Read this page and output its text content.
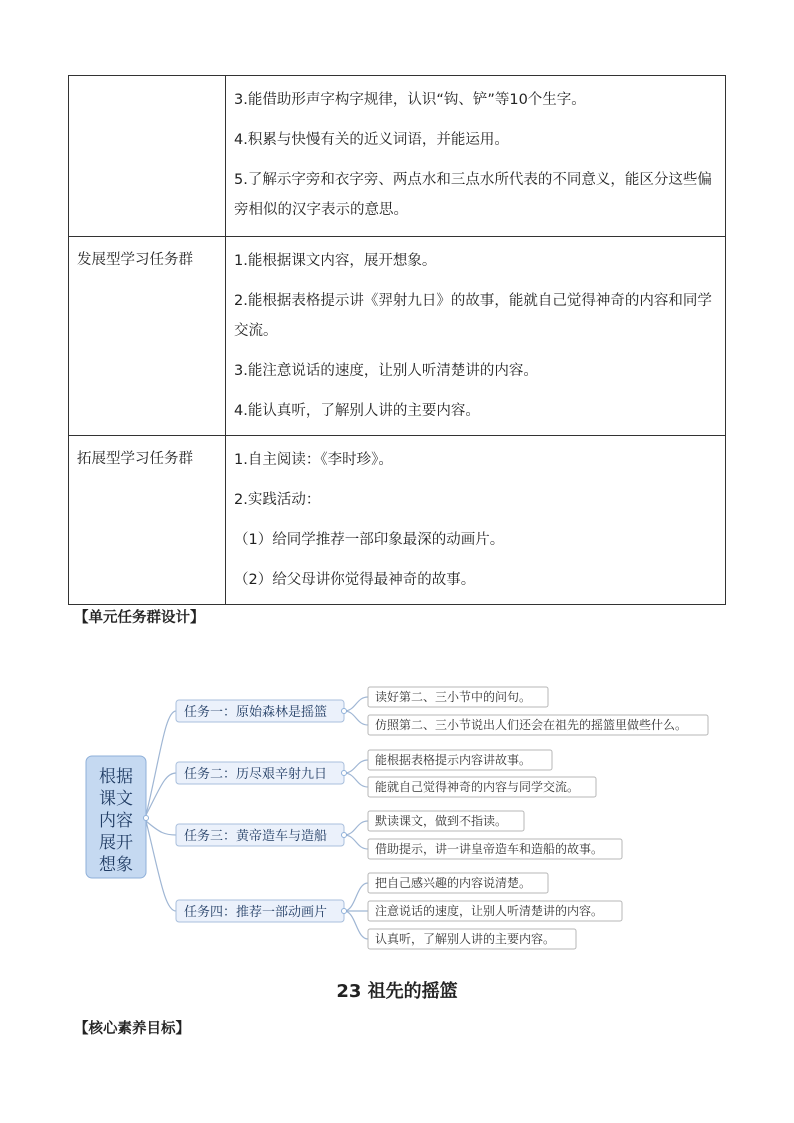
	3.能借助形声字构字规律，认识“钩、铲”等10个生字。

4.积累与快慢有关的近义词语，并能运用。

5.了解示字旁和衣字旁、两点水和三点水所代表的不同意义，能区分这些偏旁相似的汉字表示的意思。

发展型学习任务群	1.能根据课文内容，展开想象。

2.能根据表格提示讲《羿射九日》的故事，能就自己觉得神奇的内容和同学交流。

3.能注意说话的速度，让别人听清楚讲的内容。

4.能认真听，了解别人讲的主要内容。

拓展型学习任务群	1.自主阅读：《李时珍》。

2.实践活动：

（1）给同学推荐一部印象最深的动画片。

（2）给父母讲你觉得最神奇的故事。

【单元任务群设计】

根据
课文
内容
展开
想象
任务一：原始森林是摇篮
任务二：历尽艰辛射九日
任务三：黄帝造车与造船
任务四：推荐一部动画片
读好第二、三小节中的问句。
仿照第二、三小节说出人们还会在祖先的摇篮里做些什么。
能根据表格提示内容讲故事。
能就自己觉得神奇的内容与同学交流。
默读课文，做到不指读。
借助提示，讲一讲皇帝造车和造船的故事。
把自己感兴趣的内容说清楚。
注意说话的速度，让别人听清楚讲的内容。
认真听，了解别人讲的主要内容。

23 祖先的摇篮

【核心素养目标】
